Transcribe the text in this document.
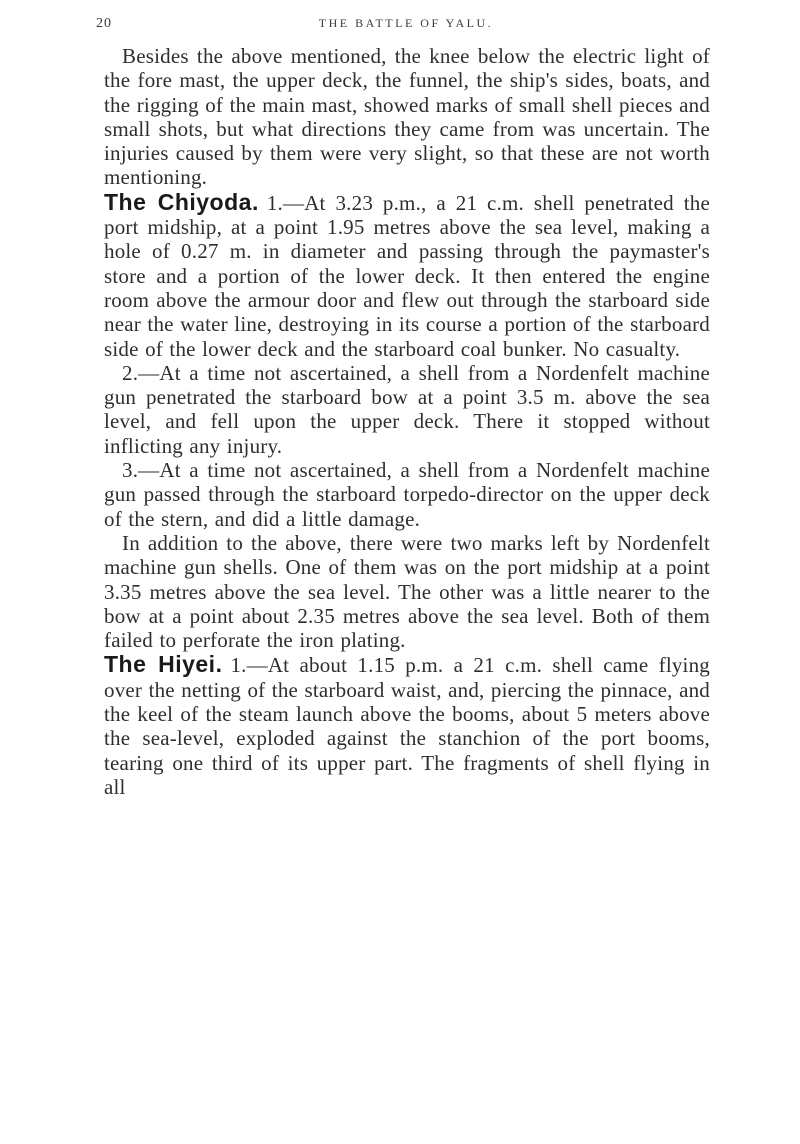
20	THE BATTLE OF YALU.

Besides the above mentioned, the knee below the electric light of the fore mast, the upper deck, the funnel, the ship's sides, boats, and the rigging of the main mast, showed marks of small shell pieces and small shots, but what directions they came from was uncertain. The injuries caused by them were very slight, so that these are not worth mentioning.

The Chiyoda. 1.—At 3.23 p.m., a 21 c.m. shell penetrated the port midship, at a point 1.95 metres above the sea level, making a hole of 0.27 m. in diameter and passing through the paymaster's store and a portion of the lower deck. It then entered the engine room above the armour door and flew out through the starboard side near the water line, destroying in its course a portion of the starboard side of the lower deck and the starboard coal bunker. No casualty.

2.—At a time not ascertained, a shell from a Nordenfelt machine gun penetrated the starboard bow at a point 3.5 m. above the sea level, and fell upon the upper deck. There it stopped without inflicting any injury.

3.—At a time not ascertained, a shell from a Nordenfelt machine gun passed through the starboard torpedo-director on the upper deck of the stern, and did a little damage.

In addition to the above, there were two marks left by Nordenfelt machine gun shells. One of them was on the port midship at a point 3.35 metres above the sea level. The other was a little nearer to the bow at a point about 2.35 metres above the sea level. Both of them failed to perforate the iron plating.

The Hiyei. 1.—At about 1.15 p.m. a 21 c.m. shell came flying over the netting of the starboard waist, and, piercing the pinnace, and the keel of the steam launch above the booms, about 5 meters above the sea-level, exploded against the stanchion of the port booms, tearing one third of its upper part. The fragments of shell flying in all
